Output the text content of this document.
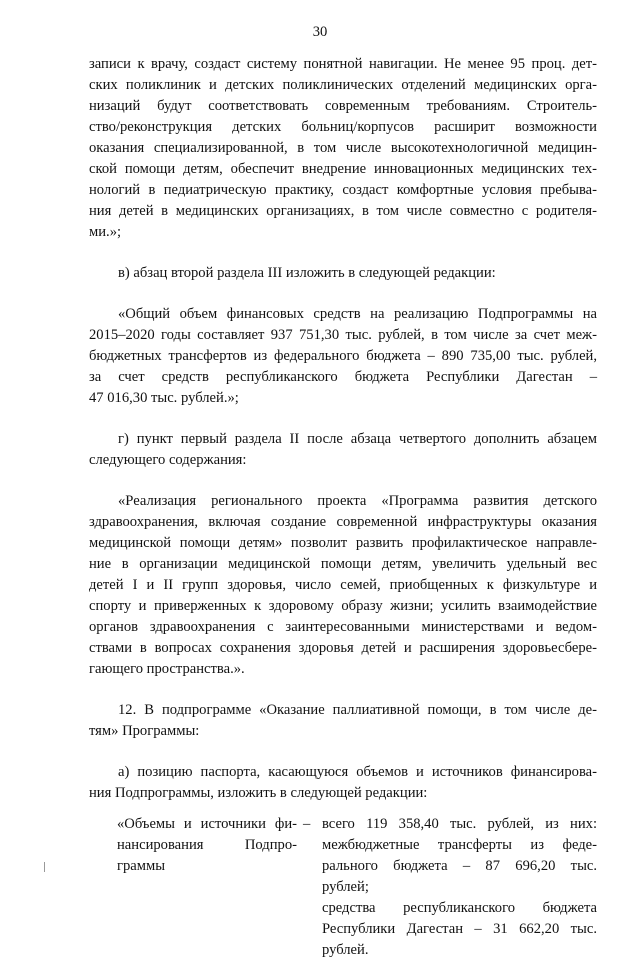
30
записи к врачу, создаст систему понятной навигации. Не менее 95 проц. дет-
ских поликлиник и детских поликлинических отделений медицинских орга-
низаций будут соответствовать современным требованиям. Строитель-
ство/реконструкция детских больниц/корпусов расширит возможности
оказания специализированной, в том числе высокотехнологичной медицин-
ской помощи детям, обеспечит внедрение инновационных медицинских тех-
нологий в педиатрическую практику, создаст комфортные условия пребыва-
ния детей в медицинских организациях, в том числе совместно с родителя-
ми.»;
в) абзац второй раздела III изложить в следующей редакции:
«Общий объем финансовых средств на реализацию Подпрограммы на
2015–2020 годы составляет 937 751,30 тыс. рублей, в том числе за счет меж-
бюджетных трансфертов из федерального бюджета – 890 735,00 тыс. рублей,
за счет средств республиканского бюджета Республики Дагестан –
47 016,30 тыс. рублей.»;
г) пункт первый раздела II после абзаца четвертого дополнить абзацем
следующего содержания:
«Реализация регионального проекта «Программа развития детского
здравоохранения, включая создание современной инфраструктуры оказания
медицинской помощи детям» позволит развить профилактическое направле-
ние в организации медицинской помощи детям, увеличить удельный вес
детей I и II групп здоровья, число семей, приобщенных к физкультуре и
спорту и приверженных к здоровому образу жизни; усилить взаимодействие
органов здравоохранения с заинтересованными министерствами и ведом-
ствами в вопросах сохранения здоровья детей и расширения здоровьесбере-
гающего пространства.».
12. В подпрограмме «Оказание паллиативной помощи, в том числе де-
тям» Программы:
а) позицию паспорта, касающуюся объемов и источников финансирова-
ния Подпрограммы, изложить в следующей редакции:
«Объемы и источники фи-
нансирования Подпро-
граммы
– всего 119 358,40 тыс. рублей, из них:
межбюджетные трансферты из феде-
рального бюджета – 87 696,20 тыс.
рублей;
средства республиканского бюджета
Республики Дагестан – 31 662,20 тыс.
рублей.
